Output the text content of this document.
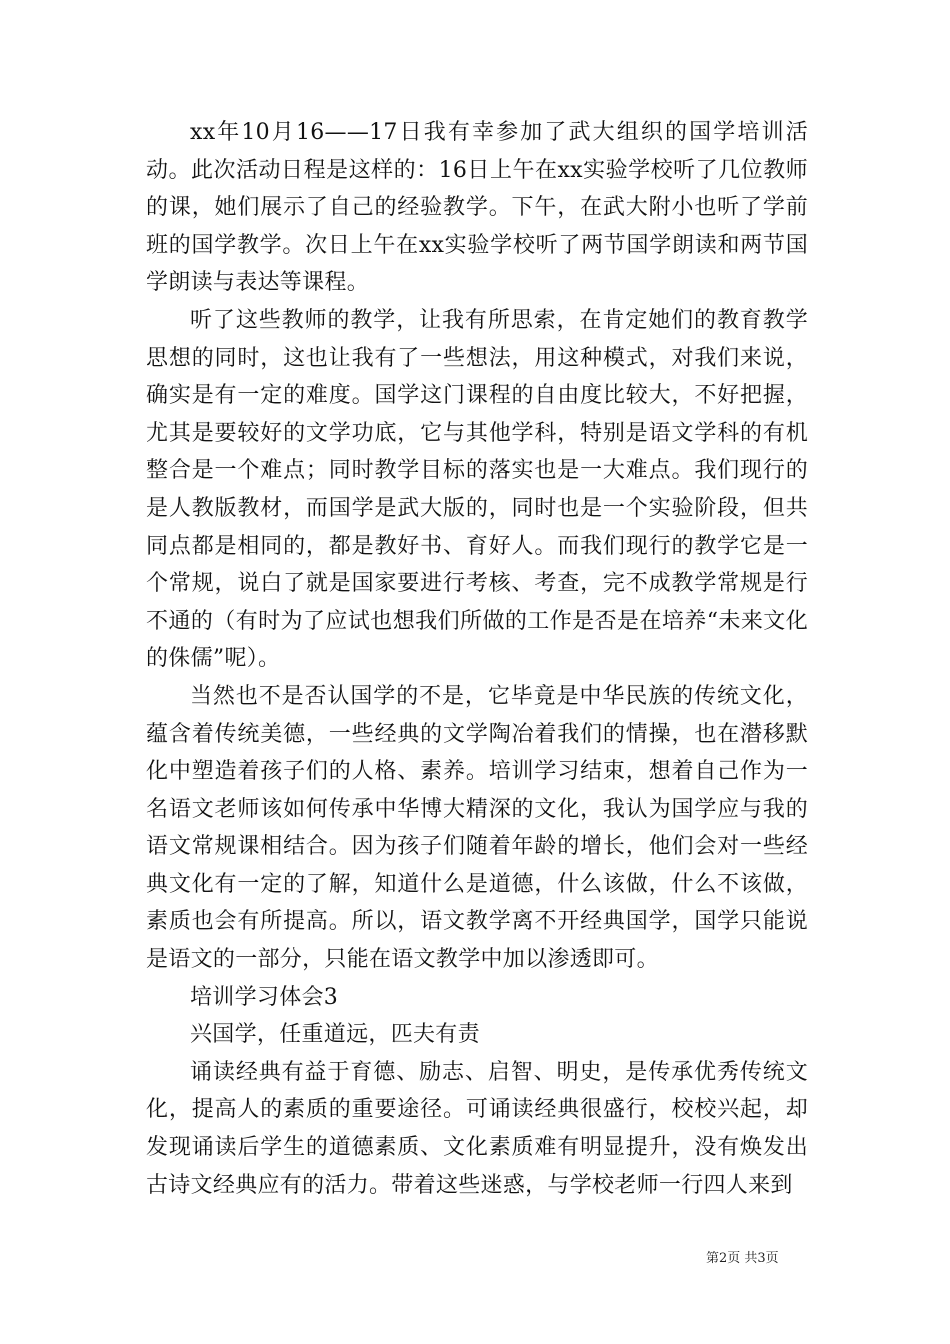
xx年10月16——17日我有幸参加了武大组织的国学培训活动。此次活动日程是这样的：16日上午在xx实验学校听了几位教师的课，她们展示了自己的经验教学。下午，在武大附小也听了学前班的国学教学。次日上午在xx实验学校听了两节国学朗读和两节国学朗读与表达等课程。

听了这些教师的教学，让我有所思索，在肯定她们的教育教学思想的同时，这也让我有了一些想法，用这种模式，对我们来说，确实是有一定的难度。国学这门课程的自由度比较大，不好把握，尤其是要较好的文学功底，它与其他学科，特别是语文学科的有机整合是一个难点；同时教学目标的落实也是一大难点。我们现行的是人教版教材，而国学是武大版的，同时也是一个实验阶段，但共同点都是相同的，都是教好书、育好人。而我们现行的教学它是一个常规，说白了就是国家要进行考核、考查，完不成教学常规是行不通的（有时为了应试也想我们所做的工作是否是在培养“未来文化的侏儒”呢）。

当然也不是否认国学的不是，它毕竟是中华民族的传统文化，蕴含着传统美德，一些经典的文学陶冶着我们的情操，也在潜移默化中塑造着孩子们的人格、素养。培训学习结束，想着自己作为一名语文老师该如何传承中华博大精深的文化，我认为国学应与我的语文常规课相结合。因为孩子们随着年龄的增长，他们会对一些经典文化有一定的了解，知道什么是道德，什么该做，什么不该做，素质也会有所提高。所以，语文教学离不开经典国学，国学只能说是语文的一部分，只能在语文教学中加以渗透即可。

培训学习体会3

兴国学，任重道远，匹夫有责

诵读经典有益于育德、励志、启智、明史，是传承优秀传统文化，提高人的素质的重要途径。可诵读经典很盛行，校校兴起，却发现诵读后学生的道德素质、文化素质难有明显提升，没有焕发出古诗文经典应有的活力。带着这些迷惑，与学校老师一行四人来到

第2页 共3页
